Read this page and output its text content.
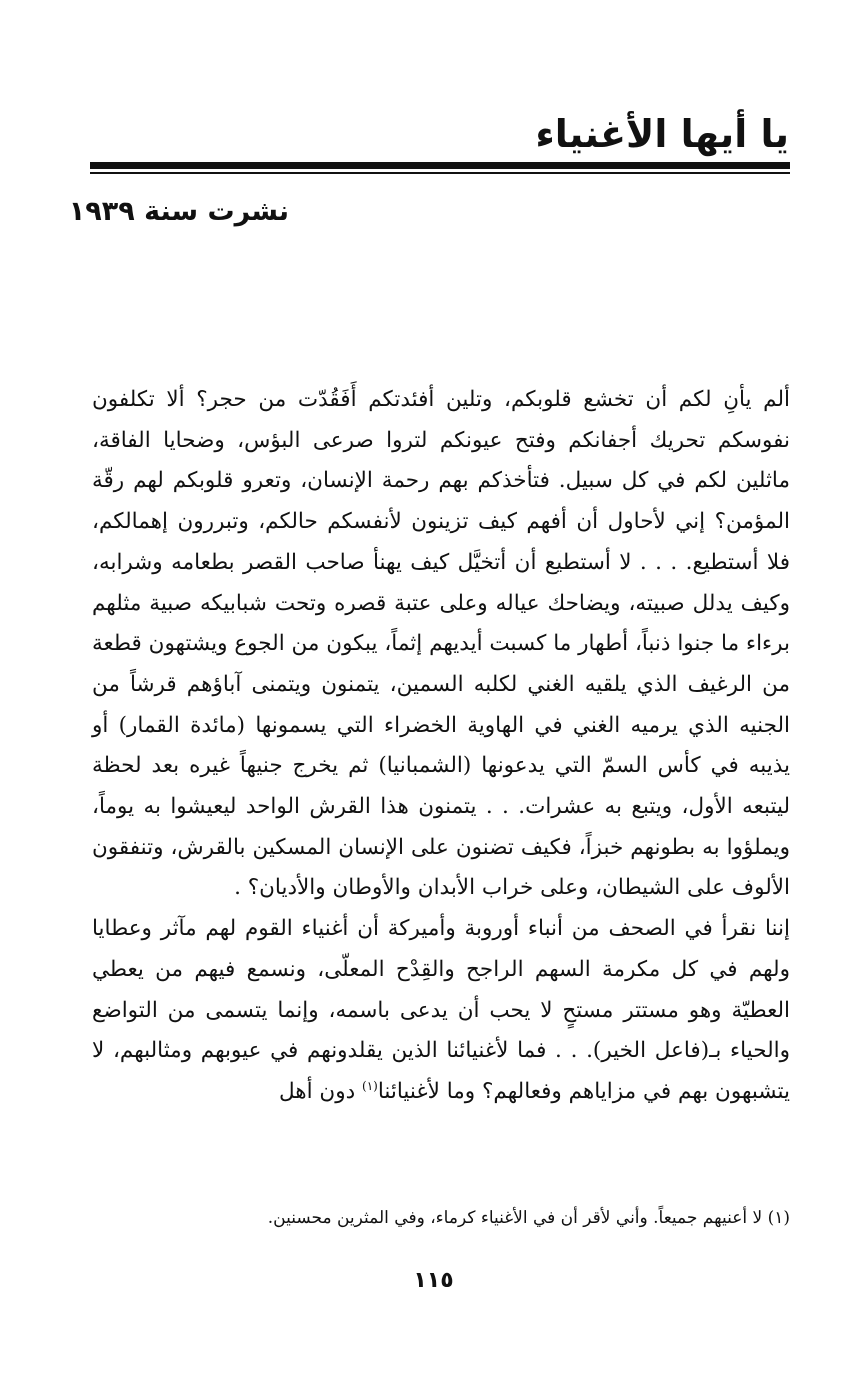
يا أيها الأغنياء
نشرت سنة ١٩٣٩

ألم يأنِ لكم أن تخشع قلوبكم، وتلين أفئدتكم أَفَقُدّت من حجر؟ ألا تكلفون نفوسكم تحريك أجفانكم وفتح عيونكم لتروا صرعى البؤس، وضحايا الفاقة، ماثلين لكم في كل سبيل. فتأخذكم بهم رحمة الإنسان، وتعرو قلوبكم لهم رقّة المؤمن؟ إني لأحاول أن أفهم كيف تزينون لأنفسكم حالكم، وتبررون إهمالكم، فلا أستطيع. . . . لا أستطيع أن أتخيَّل كيف يهنأ صاحب القصر بطعامه وشرابه، وكيف يدلل صبيته، ويضاحك عياله وعلى عتبة قصره وتحت شبابيكه صبية مثلهم برءاء ما جنوا ذنباً، أطهار ما كسبت أيديهم إثماً، يبكون من الجوع ويشتهون قطعة من الرغيف الذي يلقيه الغني لكلبه السمين، يتمنون ويتمنى آباؤهم قرشاً من الجنيه الذي يرميه الغني في الهاوية الخضراء التي يسمونها (مائدة القمار) أو يذيبه في كأس السمّ التي يدعونها (الشمبانيا) ثم يخرج جنيهاً غيره بعد لحظة ليتبعه الأول، ويتبع به عشرات. . . يتمنون هذا القرش الواحد ليعيشوا به يوماً، ويملؤوا به بطونهم خبزاً، فكيف تضنون على الإنسان المسكين بالقرش، وتنفقون الألوف على الشيطان، وعلى خراب الأبدان والأوطان والأديان؟ .

إننا نقرأ في الصحف من أنباء أوروبة وأميركة أن أغنياء القوم لهم مآثر وعطايا ولهم في كل مكرمة السهم الراجح والقِدْح المعلّى، ونسمع فيهم من يعطي العطيّة وهو مستتر مستحٍ لا يحب أن يدعى باسمه، وإنما يتسمى من التواضع والحياء بـ(فاعل الخير). . . فما لأغنيائنا الذين يقلدونهم في عيوبهم ومثالبهم، لا يتشبهون بهم في مزاياهم وفعالهم؟ وما لأغنيائنا$^{(١)}$ دون أهل

(١) لا أعنيهم جميعاً. وأني لأقر أن في الأغنياء كرماء، وفي المثرين محسنين.
١١٥
